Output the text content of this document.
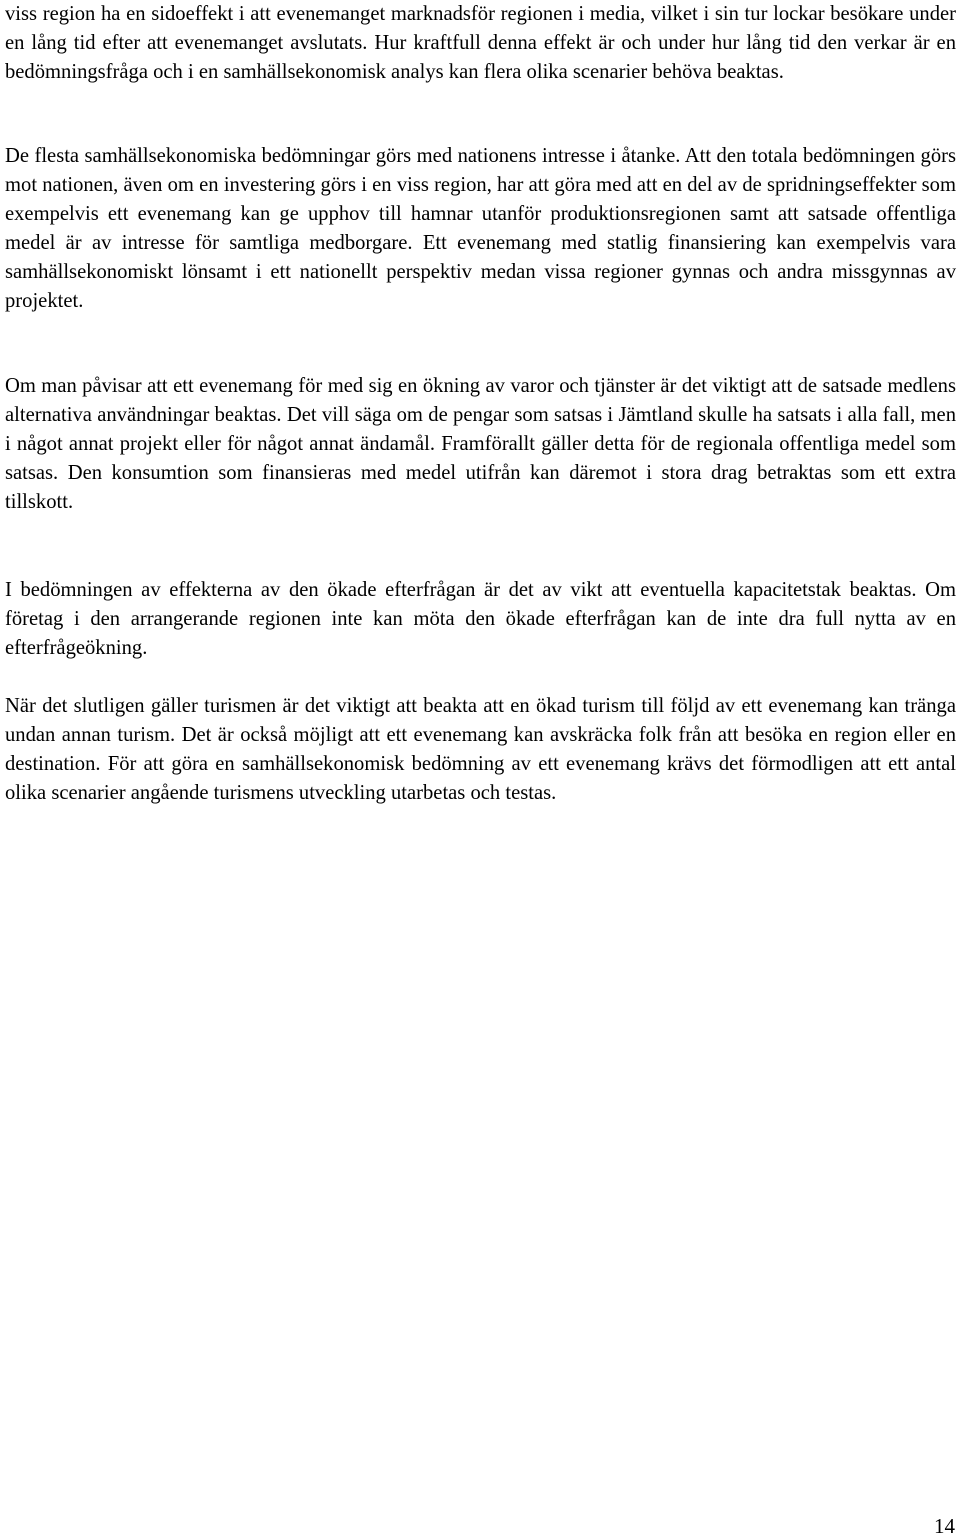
viss region ha en sidoeffekt i att evenemanget marknadsför regionen i media, vilket i sin tur lockar besökare under en lång tid efter att evenemanget avslutats. Hur kraftfull denna effekt är och under hur lång tid den verkar är en bedömningsfråga och i en samhällsekonomisk analys kan flera olika scenarier behöva beaktas.

De flesta samhällsekonomiska bedömningar görs med nationens intresse i åtanke. Att den totala bedömningen görs mot nationen, även om en investering görs i en viss region, har att göra med att en del av de spridningseffekter som exempelvis ett evenemang kan ge upphov till hamnar utanför produktionsregionen samt att satsade offentliga medel är av intresse för samtliga medborgare. Ett evenemang med statlig finansiering kan exempelvis vara samhällsekonomiskt lönsamt i ett nationellt perspektiv medan vissa regioner gynnas och andra missgynnas av projektet.

Om man påvisar att ett evenemang för med sig en ökning av varor och tjänster är det viktigt att de satsade medlens alternativa användningar beaktas. Det vill säga om de pengar som satsas i Jämtland skulle ha satsats i alla fall, men i något annat projekt eller för något annat ändamål. Framförallt gäller detta för de regionala offentliga medel som satsas. Den konsumtion som finansieras med medel utifrån kan däremot i stora drag betraktas som ett extra tillskott.

I bedömningen av effekterna av den ökade efterfrågan är det av vikt att eventuella kapacitetstak beaktas. Om företag i den arrangerande regionen inte kan möta den ökade efterfrågan kan de inte dra full nytta av en efterfrågeökning.

När det slutligen gäller turismen är det viktigt att beakta att en ökad turism till följd av ett evenemang kan tränga undan annan turism. Det är också möjligt att ett evenemang kan avskräcka folk från att besöka en region eller en destination. För att göra en samhällsekonomisk bedömning av ett evenemang krävs det förmodligen att ett antal olika scenarier angående turismens utveckling utarbetas och testas.

14
